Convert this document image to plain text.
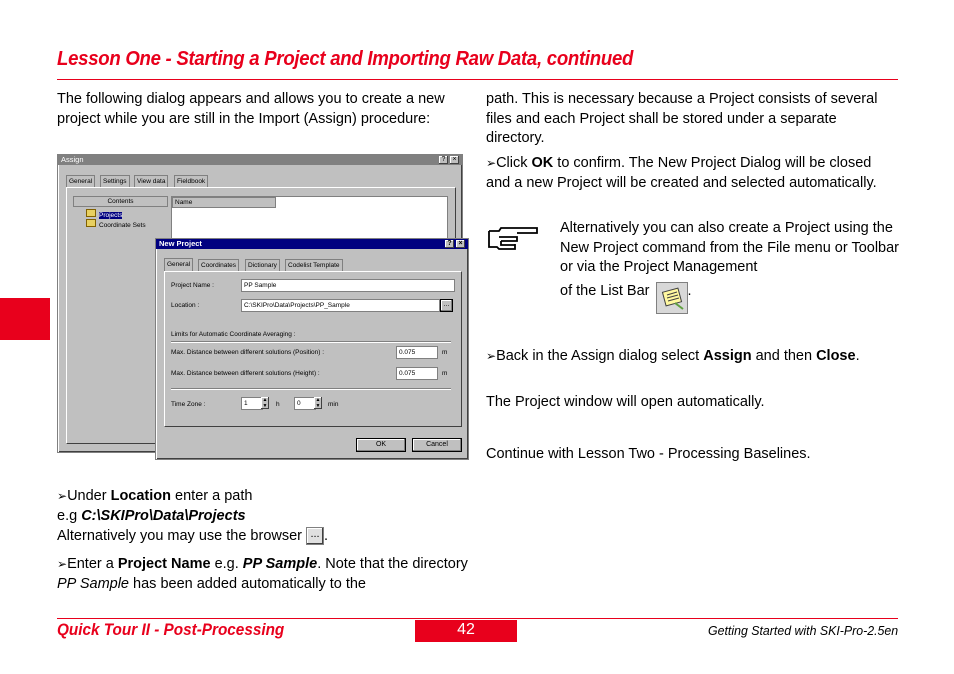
Lesson One - Starting a Project and Importing Raw Data, continued
The following dialog appears and allows you to create a new project while you are still in the Import (Assign) procedure:
Assign	?	×
General	Settings	View data	Fieldbook
Contents
Projects
Coordinate Sets
Name
New Project	? ×
General	Coordinates	Dictionary	Codelist Template
Project Name :	PP Sample
Location :	C:\SKIPro\Data\Projects\PP_Sample	...
Limits for Automatic Coordinate Averaging :
Max. Distance between different solutions (Position) :	0.075	m
Max. Distance between different solutions (Height) :	0.075	m
Time Zone :	1	▲
▼ h	0	▲
▼ min
OK	Cancel
➢Under Location enter a path
e.g C:\SKIPro\Data\Projects
Alternatively you may use the browser ... .
➢Enter a Project Name e.g. PP Sample. Note that the directory PP Sample has been added automatically to the
path. This is necessary because a Project consists of several files and each Project shall be stored under a separate directory.
➢Click OK to confirm. The New Project Dialog will be closed and a new Project will be created and selected automatically.
Alternatively you can also create a Project using the New Project command from the File menu or Toolbar or via the Project Management
of the List Bar	.
➢Back in the Assign dialog select Assign and then Close.
The Project window will open automatically.
Continue with Lesson Two - Processing Baselines.
Quick Tour II - Post-Processing	42	Getting Started with SKI-Pro-2.5en
